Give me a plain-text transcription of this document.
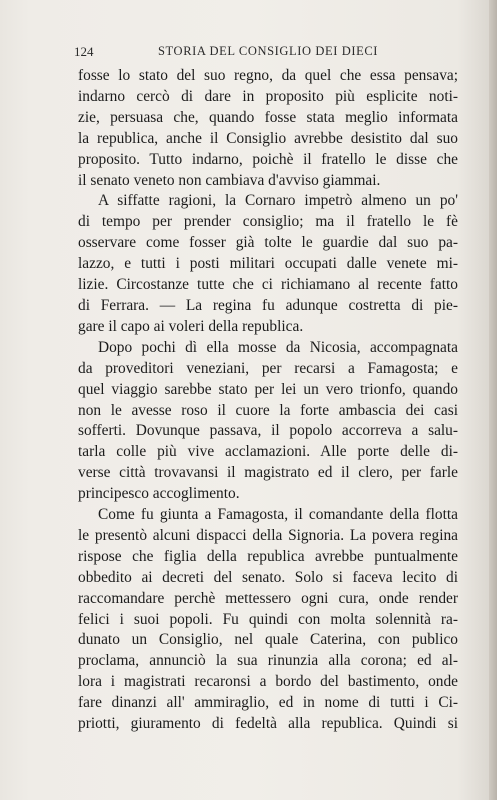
124	STORIA DEL CONSIGLIO DEI DIECI
fosse lo stato del suo regno, da quel che essa pensava;
indarno cercò di dare in proposito più esplicite noti-
zie, persuasa che, quando fosse stata meglio informata
la republica, anche il Consiglio avrebbe desistito dal suo
proposito. Tutto indarno, poichè il fratello le disse che
il senato veneto non cambiava d'avviso giammai.
A siffatte ragioni, la Cornaro impetrò almeno un po'
di tempo per prender consiglio; ma il fratello le fè
osservare come fosser già tolte le guardie dal suo pa-
lazzo, e tutti i posti militari occupati dalle venete mi-
lizie. Circostanze tutte che ci richiamano al recente fatto
di Ferrara. — La regina fu adunque costretta di pie-
gare il capo ai voleri della republica.
Dopo pochi dì ella mosse da Nicosia, accompagnata
da proveditori veneziani, per recarsi a Famagosta; e
quel viaggio sarebbe stato per lei un vero trionfo, quando
non le avesse roso il cuore la forte ambascia dei casi
sofferti. Dovunque passava, il popolo accorreva a salu-
tarla colle più vive acclamazioni. Alle porte delle di-
verse città trovavansi il magistrato ed il clero, per farle
principesco accoglimento.
Come fu giunta a Famagosta, il comandante della flotta
le presentò alcuni dispacci della Signoria. La povera regina
rispose che figlia della republica avrebbe puntualmente
obbedito ai decreti del senato. Solo si faceva lecito di
raccomandare perchè mettessero ogni cura, onde render
felici i suoi popoli. Fu quindi con molta solennità ra-
dunato un Consiglio, nel quale Caterina, con publico
proclama, annunciò la sua rinunzia alla corona; ed al-
lora i magistrati recaronsi a bordo del bastimento, onde
fare dinanzi all' ammiraglio, ed in nome di tutti i Ci-
priotti, giuramento di fedeltà alla republica. Quindi si
